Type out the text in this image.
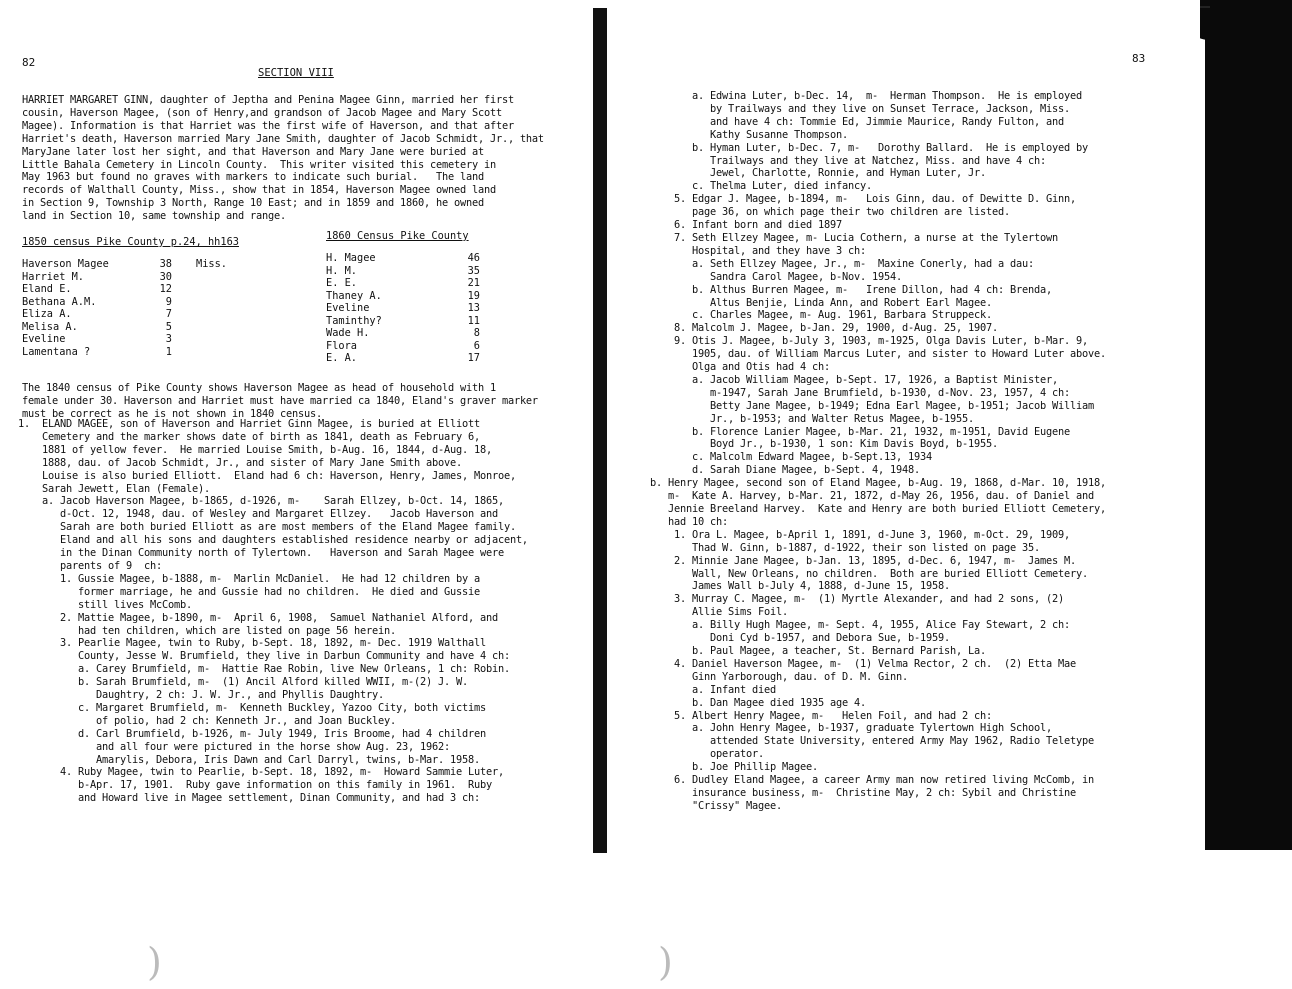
82
SECTION VIII
HARRIET MARGARET GINN, daughter of Jeptha and Penina Magee Ginn, married her first
cousin, Haverson Magee, (son of Henry,and grandson of Jacob Magee and Mary Scott
Magee). Information is that Harriet was the first wife of Haverson, and that after
Harriet's death, Haverson married Mary Jane Smith, daughter of Jacob Schmidt, Jr., that
MaryJane later lost her sight, and that Haverson and Mary Jane were buried at
Little Bahala Cemetery in Lincoln County.  This writer visited this cemetery in
May 1963 but found no graves with markers to indicate such burial.   The land
records of Walthall County, Miss., show that in 1854, Haverson Magee owned land
in Section 9, Township 3 North, Range 10 East; and in 1859 and 1860, he owned
land in Section 10, same township and range.
1850 census Pike County p.24, hh163
Haverson Magee	38	Miss.
Harriet M.	30	
Eland E.	12	
Bethana A.M.	9	
Eliza A.	7	
Melisa A.	5	
Eveline	3	
Lamentana ?	1	
1860 Census Pike County
H. Magee	46
H. M.	35
E. E.	21
Thaney A.	19
Eveline	13
Taminthy?	11
Wade H.	8
Flora	6
E. A.	17
The 1840 census of Pike County shows Haverson Magee as head of household with 1
female under 30. Haverson and Harriet must have married ca 1840, Eland's graver marker
must be correct as he is not shown in 1840 census.
1.  ELAND MAGEE, son of Haverson and Harriet Ginn Magee, is buried at Elliott
Cemetery and the marker shows date of birth as 1841, death as February 6,
1881 of yellow fever.  He married Louise Smith, b-Aug. 16, 1844, d-Aug. 18,
1888, dau. of Jacob Schmidt, Jr., and sister of Mary Jane Smith above.
Louise is also buried Elliott.  Eland had 6 ch: Haverson, Henry, James, Monroe,
Sarah Jewett, Elan (Female).
a. Jacob Haverson Magee, b-1865, d-1926, m-    Sarah Ellzey, b-Oct. 14, 1865,
d-Oct. 12, 1948, dau. of Wesley and Margaret Ellzey.   Jacob Haverson and
Sarah are both buried Elliott as are most members of the Eland Magee family.
Eland and all his sons and daughters established residence nearby or adjacent,
in the Dinan Community north of Tylertown.   Haverson and Sarah Magee were
parents of 9  ch:
1. Gussie Magee, b-1888, m-  Marlin McDaniel.  He had 12 children by a
former marriage, he and Gussie had no children.  He died and Gussie
still lives McComb.
2. Mattie Magee, b-1890, m-  April 6, 1908,  Samuel Nathaniel Alford, and
had ten children, which are listed on page 56 herein.
3. Pearlie Magee, twin to Ruby, b-Sept. 18, 1892, m- Dec. 1919 Walthall
County, Jesse W. Brumfield, they live in Darbun Community and have 4 ch:
a. Carey Brumfield, m-  Hattie Rae Robin, live New Orleans, 1 ch: Robin.
b. Sarah Brumfield, m-  (1) Ancil Alford killed WWII, m-(2) J. W.
Daughtry, 2 ch: J. W. Jr., and Phyllis Daughtry.
c. Margaret Brumfield, m-  Kenneth Buckley, Yazoo City, both victims
of polio, had 2 ch: Kenneth Jr., and Joan Buckley.
d. Carl Brumfield, b-1926, m- July 1949, Iris Broome, had 4 children
and all four were pictured in the horse show Aug. 23, 1962:
Amarylis, Debora, Iris Dawn and Carl Darryl, twins, b-Mar. 1958.
4. Ruby Magee, twin to Pearlie, b-Sept. 18, 1892, m-  Howard Sammie Luter,
b-Apr. 17, 1901.  Ruby gave information on this family in 1961.  Ruby
and Howard live in Magee settlement, Dinan Community, and had 3 ch:
)
83
a. Edwina Luter, b-Dec. 14,  m-  Herman Thompson.  He is employed
by Trailways and they live on Sunset Terrace, Jackson, Miss.
and have 4 ch: Tommie Ed, Jimmie Maurice, Randy Fulton, and
Kathy Susanne Thompson.
b. Hyman Luter, b-Dec. 7, m-   Dorothy Ballard.  He is employed by
Trailways and they live at Natchez, Miss. and have 4 ch:
Jewel, Charlotte, Ronnie, and Hyman Luter, Jr.
c. Thelma Luter, died infancy.
5. Edgar J. Magee, b-1894, m-   Lois Ginn, dau. of Dewitte D. Ginn,
page 36, on which page their two children are listed.
6. Infant born and died 1897
7. Seth Ellzey Magee, m- Lucia Cothern, a nurse at the Tylertown
Hospital, and they have 3 ch:
a. Seth Ellzey Magee, Jr., m-  Maxine Conerly, had a dau:
Sandra Carol Magee, b-Nov. 1954.
b. Althus Burren Magee, m-   Irene Dillon, had 4 ch: Brenda,
Altus Benjie, Linda Ann, and Robert Earl Magee.
c. Charles Magee, m- Aug. 1961, Barbara Struppeck.
8. Malcolm J. Magee, b-Jan. 29, 1900, d-Aug. 25, 1907.
9. Otis J. Magee, b-July 3, 1903, m-1925, Olga Davis Luter, b-Mar. 9,
1905, dau. of William Marcus Luter, and sister to Howard Luter above.
Olga and Otis had 4 ch:
a. Jacob William Magee, b-Sept. 17, 1926, a Baptist Minister,
m-1947, Sarah Jane Brumfield, b-1930, d-Nov. 23, 1957, 4 ch:
Betty Jane Magee, b-1949; Edna Earl Magee, b-1951; Jacob William
Jr., b-1953; and Walter Retus Magee, b-1955.
b. Florence Lanier Magee, b-Mar. 21, 1932, m-1951, David Eugene
Boyd Jr., b-1930, 1 son: Kim Davis Boyd, b-1955.
c. Malcolm Edward Magee, b-Sept.13, 1934
d. Sarah Diane Magee, b-Sept. 4, 1948.
b. Henry Magee, second son of Eland Magee, b-Aug. 19, 1868, d-Mar. 10, 1918,
m-  Kate A. Harvey, b-Mar. 21, 1872, d-May 26, 1956, dau. of Daniel and
Jennie Breeland Harvey.  Kate and Henry are both buried Elliott Cemetery,
had 10 ch:
1. Ora L. Magee, b-April 1, 1891, d-June 3, 1960, m-Oct. 29, 1909,
Thad W. Ginn, b-1887, d-1922, their son listed on page 35.
2. Minnie Jane Magee, b-Jan. 13, 1895, d-Dec. 6, 1947, m-  James M.
Wall, New Orleans, no children.  Both are buried Elliott Cemetery.
James Wall b-July 4, 1888, d-June 15, 1958.
3. Murray C. Magee, m-  (1) Myrtle Alexander, and had 2 sons, (2)
Allie Sims Foil.
a. Billy Hugh Magee, m- Sept. 4, 1955, Alice Fay Stewart, 2 ch:
Doni Cyd b-1957, and Debora Sue, b-1959.
b. Paul Magee, a teacher, St. Bernard Parish, La.
4. Daniel Haverson Magee, m-  (1) Velma Rector, 2 ch.  (2) Etta Mae
Ginn Yarborough, dau. of D. M. Ginn.
a. Infant died
b. Dan Magee died 1935 age 4.
5. Albert Henry Magee, m-   Helen Foil, and had 2 ch:
a. John Henry Magee, b-1937, graduate Tylertown High School,
attended State University, entered Army May 1962, Radio Teletype
operator.
b. Joe Phillip Magee.
6. Dudley Eland Magee, a career Army man now retired living McComb, in
insurance business, m-  Christine May, 2 ch: Sybil and Christine
"Crissy" Magee.
)
